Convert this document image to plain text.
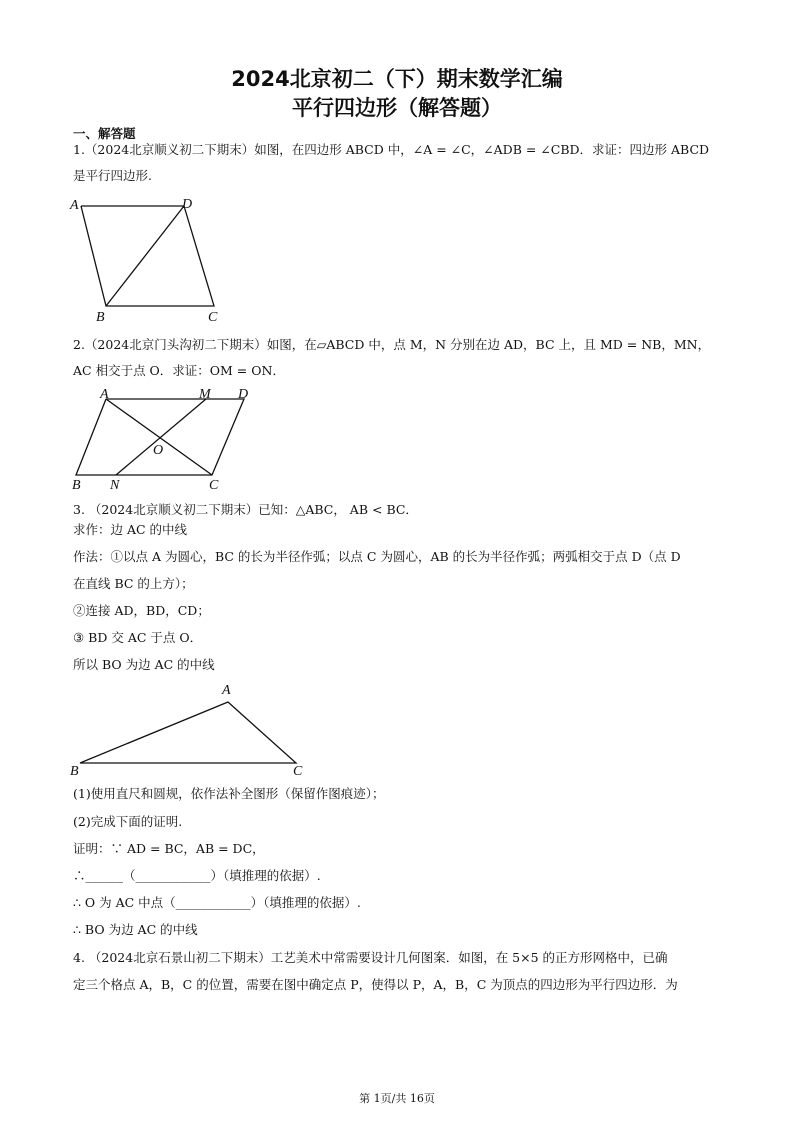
2024北京初二（下）期末数学汇编
平行四边形（解答题）
一、解答题
1.（2024北京顺义初二下期末）如图，在四边形 ABCD 中，∠A = ∠C，∠ADB = ∠CBD．求证：四边形 ABCD
是平行四边形.
A	D
B	C
2.（2024北京门头沟初二下期末）如图，在▱ABCD 中，点 M，N 分别在边 AD，BC 上，且 MD = NB，MN，
AC 相交于点 O．求证：OM = ON．
A	M D
O
B N	C
3. （2024北京顺义初二下期末）已知：△ABC， AB < BC．
求作：边 AC 的中线
作法：①以点 A 为圆心，BC 的长为半径作弧；以点 C 为圆心，AB 的长为半径作弧；两弧相交于点 D（点 D
在直线 BC 的上方）；
②连接 AD，BD，CD；
③ BD 交 AC 于点 O．
所以 BO 为边 AC 的中线
A
B	C
(1)使用直尺和圆规，依作法补全图形（保留作图痕迹）；
(2)完成下面的证明.
证明：∵ AD = BC，AB = DC，
∴______（____________）（填推理的依据）.
∴ O 为 AC 中点（____________）（填推理的依据）.
∴ BO 为边 AC 的中线
4. （2024北京石景山初二下期末）工艺美术中常需要设计几何图案．如图，在 5×5 的正方形网格中，已确
定三个格点 A，B，C 的位置，需要在图中确定点 P，使得以 P，A，B，C 为顶点的四边形为平行四边形．为
第 1页/共 16页
